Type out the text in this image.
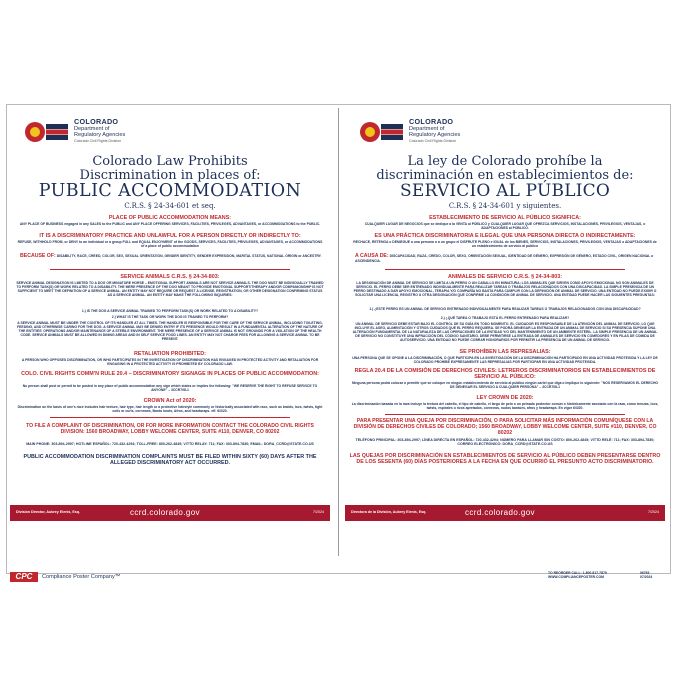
COLORADO
Department of Regulatory Agencies
Colorado Civil Rights Division
Colorado Law Prohibits
Discrimination in places of:
PUBLIC ACCOMMODATION
C.R.S. § 24-34-601 et seq.
PLACE OF PUBLIC ACCOMMODATION MEANS:
ANY PLACE OF BUSINESS engaged in any SALES to the PUBLIC and ANY PLACE OFFERING SERVICES, FACILITIES, PRIVILEGES, ADVANTAGES, or ACCOMMODATIONS to the PUBLIC.
IT IS A DISCRIMINATORY PRACTICE AND UNLAWFUL FOR A PERSON DIRECTLY OR INDIRECTLY TO:
REFUSE, WITHHOLD FROM, or DENY to an individual or a group FULL and EQUAL ENJOYMENT of the GOODS, SERVICES, FACILITIES, PRIVILEGES, ADVANTAGES, or ACCOMMODATIONS of a place of public accommodation
BECAUSE OF: DISABILITY, RACE, CREED, COLOR, SEX, SEXUAL ORIENTATION, GENDER IDENTITY, GENDER EXPRESSION, MARITAL STATUS, NATIONAL ORIGIN or ANCESTRY.
SERVICE ANIMALS C.R.S. § 24-34-803:
SERVICE ANIMAL DESIGNATION IS LIMITED TO A DOG OR MINIATURE HORSE – EMOTIONAL SUPPORT ANIMALS ARE NOT SERVICE ANIMALS. THE DOG MUST BE INDIVIDUALLY TRAINED TO PERFORM TASK(S) OR WORK RELATED TO A DISABILITY. THE MERE PRESENCE OF THE DOG MEANT TO PROVIDE EMOTIONAL SUPPORT/THERAPY AND/OR COMPANIONSHIP IS NOT SUFFICIENT TO MEET THE DEFINITION OF A SERVICE ANIMAL. AN ENTITY MAY NOT REQUIRE OR REQUEST A LICENSE, REGISTRATION, OR OTHER DESIGNATION CONFIRMING STATUS AS A SERVICE ANIMAL. AN ENTITY MAY MAKE THE FOLLOWING INQUIRIES:
1.) IS THE DOG A SERVICE ANIMAL TRAINED TO PERFORM TASK(S) OR WORK RELATED TO A DISABILITY?
2.) WHAT IS THE TASK OR WORK THE DOG IS TRAINED TO PERFORM?
A SERVICE ANIMAL MUST BE UNDER THE CONTROL OF ITS HANDLER AT ALL TIMES. THE HANDLER IS RESPONSIBLE FOR THE CARE OF THE SERVICE ANIMAL, INCLUDING TOILETING, FEEDING, AND OTHERWISE CARING FOR THE DOG. A SERVICE ANIMAL MAY BE DENIED ENTRY IF ITS PRESENCE WOULD RESULT IN A FUNDAMENTAL ALTERATION OF THE NATURE OF THE ENTITIES' OPERATIONS AND/OR MAINTENANCE OF A STERILE ENVIRONMENT. THE MERE PRESENCE OF A SERVICE ANIMAL IS NOT GROUNDS FOR A VIOLATION OF THE HEALTH CODE. SERVICE ANIMALS MUST BE ALLOWED IN DINING AREAS AND IN SELF SERVICE FOOD LINES. AN ENTITY MAY NOT CHARGE FEES FOR ALLOWING A SERVICE ANIMAL TO BE PRESENT.
RETALIATION PROHIBITED:
A PERSON WHO OPPOSES DISCRIMINATION, OR WHO PARTICIPATES IN THE INVESTIGATION OF DISCRIMINATION HAS ENGAGED IN PROTECTED ACTIVITY AND RETALIATION FOR ENGAGING IN A PROTECTED ACTIVITY IS PROHIBITED BY COLORADO LAW.
COLO. CIVIL RIGHTS COMM'N RULE 20.4 – DISCRIMINATORY SIGNAGE IN PLACES OF PUBLIC ACCOMMODATION:
No person shall post or permit to be posted in any place of public accommodation any sign which states or implies the following: "WE RESERVE THE RIGHT TO REFUSE SERVICE TO ANYONE" – 3CCR708-1
CROWN Act of 2020:
Discrimination on the basis of one's race includes hair texture, hair type, hair length or a protective hairstyle commonly or historically associated with race, such as braids, locs, twists, tight coils or curls, cornrows, Bantu knots, Afros, and headwraps. eff. 6/3/20.
TO FILE A COMPLAINT OF DISCRIMINATION, OR FOR MORE INFORMATION CONTACT THE COLORADO CIVIL RIGHTS DIVISION: 1560 BROADWAY, LOBBY WELCOME CENTER, SUITE #110, DENVER, CO 80202
MAIN PHONE: 303-894-2997; HOTLINE ESPAÑOL: 720-432-4294; TOLL-FREE: 800-262-4845; V/TTD RELAY: 711; FAX: 303-894-7830; EMAIL: DORA_CCRD@STATE.CO.US
PUBLIC ACCOMMODATION DISCRIMINATION COMPLAINTS MUST BE FILED WITHIN SIXTY (60) DAYS AFTER THE ALLEGED DISCRIMINATORY ACT OCCURRED.
Division Director, Aubrey Elenis, Esq.	ccrd.colorado.gov	7/2024
COLORADO
Department of Regulatory Agencies
Colorado Civil Rights Division
La ley de Colorado prohíbe la
discriminación en establecimientos de:
SERVICIO AL PÚBLICO
C.R.S. § 24-34-601 y siguientes.
ESTABLECIMIENTO DE SERVICIO AL PÚBLICO SIGNIFICA:
CUALQUIER LUGAR DE NEGOCIOS que se dedique a la VENTA al PÚBLICO y CUALQUIER LUGAR QUE OFREZCA SERVICIOS, INSTALACIONES, PRIVILEGIOS, VENTAJAS, o ADAPTACIONES al PÚBLICO.
ES UNA PRÁCTICA DISCRIMINATORIA E ILEGAL QUE UNA PERSONA DIRECTA O INDIRECTAMENTE:
RECHACE, RETENGA o DENIEGUE a una persona o a un grupo el DISFRUTE PLENO e IGUAL de los BIENES, SERVICIOS, INSTALACIONES, PRIVILEGIOS, VENTAJAS o ADAPTACIONES de un establecimiento de servicio al público
A CAUSA DE: DISCAPACIDAD, RAZA, CREDO, COLOR, SEXO, ORIENTACIÓN SEXUAL, IDENTIDAD DE GÉNERO, EXPRESIÓN DE GÉNERO, ESTADO CIVIL, ORIGEN NACIONAL o ASCENDENCIA.
ANIMALES DE SERVICIO C.R.S. § 24-34-803:
LA DESIGNACIÓN DE ANIMAL DE SERVICIO SE LIMITA A UN PERRO O UN CABALLO EN MINIATURA; LOS ANIMALES QUE SIRVEN COMO APOYO EMOCIONAL NO SON ANIMALES DE SERVICIO. EL PERRO DEBE SER ENTRENADO INDIVIDUALMENTE PARA REALIZAR TAREAS O TRABAJOS RELACIONADOS CON UNA DISCAPACIDAD. LA SIMPLE PRESENCIA DE UN PERRO DESTINADO A DAR APOYO EMOCIONAL, TERAPIA Y/O COMPAÑÍA NO BASTA PARA CUMPLIR CON LA DEFINICIÓN DE ANIMAL DE SERVICIO. UNA ENTIDAD NO PUEDE EXIGIR O SOLICITAR UNA LICENCIA, REGISTRO U OTRA DESIGNACIÓN QUE CONFIRME LA CONDICIÓN DE ANIMAL DE SERVICIO. UNA ENTIDAD PUEDE HACER LAS SIGUIENTES PREGUNTAS:
1.) ¿ESTE PERRO ES UN ANIMAL DE SERVICIO ENTRENADO INDIVIDUALMENTE PARA REALIZAR TAREAS O TRABAJOS RELACIONADOS CON UNA DISCAPACIDAD?
2.) ¿QUÉ TAREA O TRABAJO ESTÁ EL PERRO ENTRENADO PARA REALIZAR?
UN ANIMAL DE SERVICIO DEBE ESTAR BAJO EL CONTROL DE SU GUÍA EN TODO MOMENTO. EL CUIDADOR ES RESPONSABLE DE LA ATENCIÓN DEL ANIMAL DE SERVICIO, LO QUE INCLUYE EL ASEO, ALIMENTACIÓN Y OTROS CUIDADOS QUE EL PERRO REQUIERA. SE PODRÁ DENEGAR LA ENTRADA DE UN ANIMAL DE SERVICIO SI SU PRESENCIA SUPONE UNA ALTERACIÓN FUNDAMENTAL DE LA NATURALEZA DE LAS OPERACIONES DE LA ENTIDAD Y/O DEL MANTENIMIENTO DE UN AMBIENTE ESTÉRIL. LA SIMPLE PRESENCIA DE UN ANIMAL DE SERVICIO NO CONSTITUYE UNA INFRACCIÓN DEL CÓDIGO SANITARIO. DEBE PERMITIRSE LA ENTRADA DE ANIMALES DE SERVICIO EN COMEDORES Y EN FILAS DE COMIDA DE AUTOSERVICIO. UNA ENTIDAD NO PUEDE COBRAR HONORARIOS POR PERMITIR LA PRESENCIA DE UN ANIMAL DE SERVICIO.
SE PROHÍBEN LAS REPRESALIAS:
UNA PERSONA QUE SE OPONE A LA DISCRIMINACIÓN, O QUE PARTICIPA EN LA INVESTIGACIÓN DE LA DISCRIMINACIÓN HA PARTICIPADO EN UNA ACTIVIDAD PROTEGIDA Y LA LEY DE COLORADO PROHÍBE EXPRESAMENTE LAS REPRESALIAS POR PARTICIPAR EN UNA ACTIVIDAD PROTEGIDA.
REGLA 20.4 DE LA COMISIÓN DE DERECHOS CIVILES: LETREROS DISCRIMINATORIOS EN ESTABLECIMIENTOS DE SERVICIO AL PÚBLICO:
Ninguna persona podrá colocar o permitir que se coloque en ningún establecimiento de servicio al público ningún cartel que diga o implique lo siguiente: "NOS RESERVAMOS EL DERECHO DE DENEGAR EL SERVICIO A CUALQUIER PERSONA" – 3CCR708-1
LEY CROWN DE 2020:
La discriminación basada en la raza incluye la textura del cabello, el tipo de cabello, el largo de pelo o un peinado protector común o históricamente asociado con la raza, como trenzas, locs, twists, espirales o rizos apretados, cornrows, nudos bantúes, afros y headwraps. En vigor 6/3/20.
PARA PRESENTAR UNA QUEJA POR DISCRIMINACIÓN, O PARA SOLICITAR MÁS INFORMACIÓN COMUNÍQUESE CON LA DIVISIÓN DE DERECHOS CIVILES DE COLORADO; 1560 BROADWAY, LOBBY WELCOME CENTER, SUITE #110, DENVER, CO 80202
TELÉFONO PRINCIPAL: 303-894-2997; LÍNEA DIRECTA EN ESPAÑOL: 720-432-4294; NÚMERO PARA LLAMAR SIN COSTO: 800-262-4845; V/TTD RELÉ: 711; FAX: 303-894-7830; CORREO ELECTRÓNICO: DORA_CCRD@STATE.CO.US
LAS QUEJAS POR DISCRIMINACIÓN EN ESTABLECIMIENTOS DE SERVICIO AL PÚBLICO DEBEN PRESENTARSE DENTRO DE LOS SESENTA (60) DÍAS POSTERIORES A LA FECHA EN QUE OCURRIÓ EL PRESUNTO ACTO DISCRIMINATORIO.
Directora de la División, Aubrey Elenis, Esq.	ccrd.colorado.gov	7/2024
CPC	Compliance Poster Company™
TO REORDER CALL: 1-800-817-7879
WWW.COMPLIANCEPOSTER.COM
06763
07/2024
